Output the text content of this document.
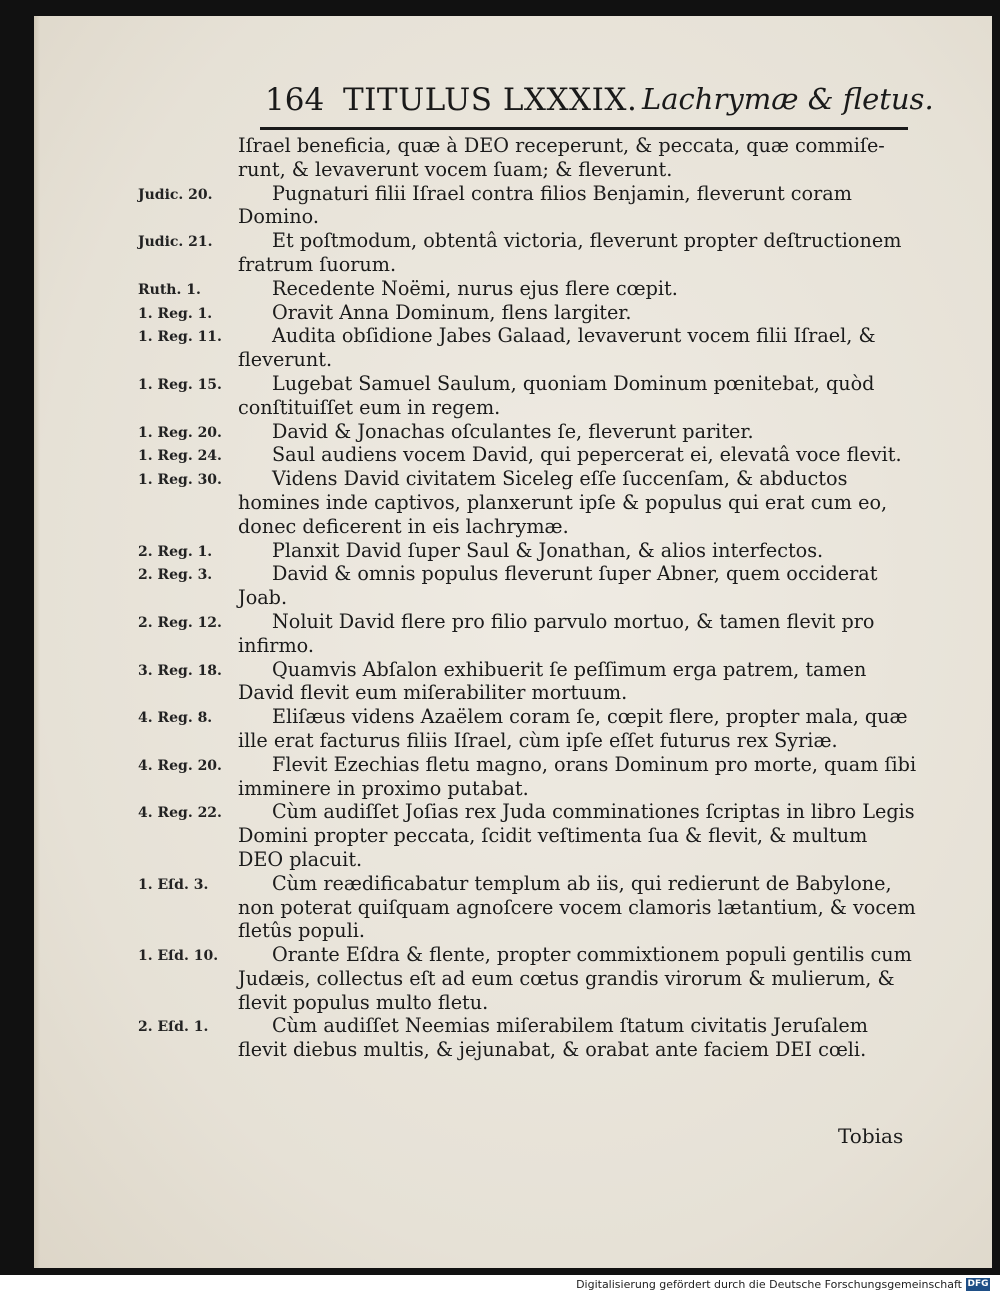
164 TITULUS LXXXIX. Lachrymæ & fletus.
Iſrael beneficia, quæ à DEO receperunt, & peccata, quæ commiſe-
runt, & levaverunt vocem ſuam; & fleverunt.
Judic. 20.	Pugnaturi filii Iſrael contra filios Benjamin, fleverunt coram Domino.
Judic. 21.	Et poſtmodum, obtentâ victoria, fleverunt propter deſtructionem fratrum ſuorum.
Ruth. 1.	Recedente Noëmi, nurus ejus flere cœpit.
1. Reg. 1.	Oravit Anna Dominum, flens largiter.
1. Reg. 11.	Audita obſidione Jabes Galaad, levaverunt vocem filii Iſrael, & fleverunt.
1. Reg. 15.	Lugebat Samuel Saulum, quoniam Dominum pœnitebat, quòd conſtituiſſet eum in regem.
1. Reg. 20.	David & Jonachas oſculantes ſe, fleverunt pariter.
1. Reg. 24.	Saul audiens vocem David, qui pepercerat ei, elevatâ voce flevit.
1. Reg. 30.	Videns David civitatem Siceleg eſſe ſuccenſam, & abductos homines inde captivos, planxerunt ipſe & populus qui erat cum eo, donec deficerent in eis lachrymæ.
2. Reg. 1.	Planxit David ſuper Saul & Jonathan, & alios interfectos.
2. Reg. 3.	David & omnis populus fleverunt ſuper Abner, quem occiderat Joab.
2. Reg. 12.	Noluit David flere pro filio parvulo mortuo, & tamen flevit pro infirmo.
3. Reg. 18.	Quamvis Abſalon exhibuerit ſe peſſimum erga patrem, tamen David flevit eum miſerabiliter mortuum.
4. Reg. 8.	Eliſæus videns Azaëlem coram ſe, cœpit flere, propter mala, quæ ille erat facturus filiis Iſrael, cùm ipſe eſſet futurus rex Syriæ.
4. Reg. 20.	Flevit Ezechias fletu magno, orans Dominum pro morte, quam ſibi imminere in proximo putabat.
4. Reg. 22.	Cùm audiſſet Joſias rex Juda comminationes ſcriptas in libro Legis Domini propter peccata, ſcidit veſtimenta ſua & flevit, & multum DEO placuit.
1. Eſd. 3.	Cùm reædificabatur templum ab iis, qui redierunt de Babylone, non poterat quiſquam agnoſcere vocem clamoris lætantium, & vocem fletûs populi.
1. Eſd. 10.	Orante Eſdra & flente, propter commixtionem populi gentilis cum Judæis, collectus eſt ad eum cœtus grandis virorum & mulierum, & flevit populus multo fletu.
2. Eſd. 1.	Cùm audiſſet Neemias miſerabilem ſtatum civitatis Jeruſalem flevit diebus multis, & jejunabat, & orabat ante faciem DEI cœli.
Tobias
Digitalisierung gefördert durch die Deutsche Forschungsgemeinschaft DFG
